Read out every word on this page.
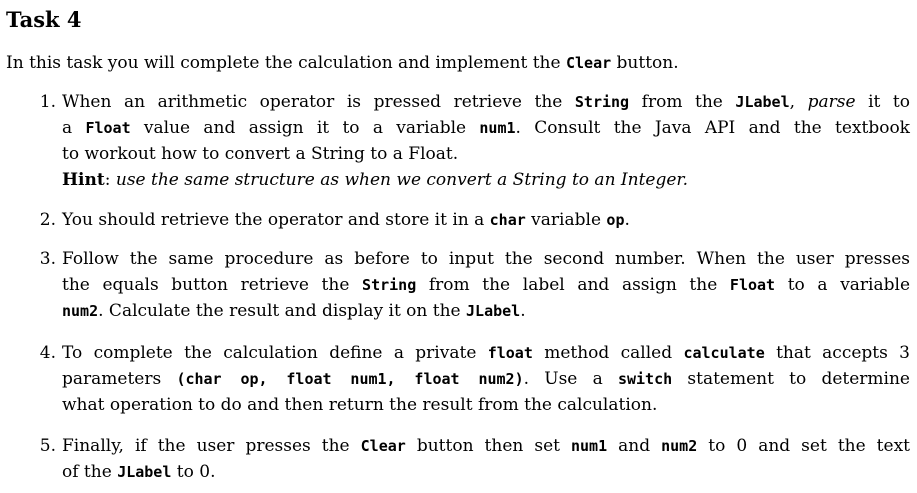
Task 4
In this task you will complete the calculation and implement the Clear button.
1. When an arithmetic operator is pressed retrieve the String from the JLabel, parse it to
a Float value and assign it to a variable num1. Consult the Java API and the textbook
to workout how to convert a String to a Float.
Hint: use the same structure as when we convert a String to an Integer.
2. You should retrieve the operator and store it in a char variable op.
3. Follow the same procedure as before to input the second number. When the user presses
the equals button retrieve the String from the label and assign the Float to a variable
num2. Calculate the result and display it on the JLabel.
4. To complete the calculation define a private float method called calculate that accepts 3
parameters (char op, float num1, float num2). Use a switch statement to determine
what operation to do and then return the result from the calculation.
5. Finally, if the user presses the Clear button then set num1 and num2 to 0 and set the text
of the JLabel to 0.
